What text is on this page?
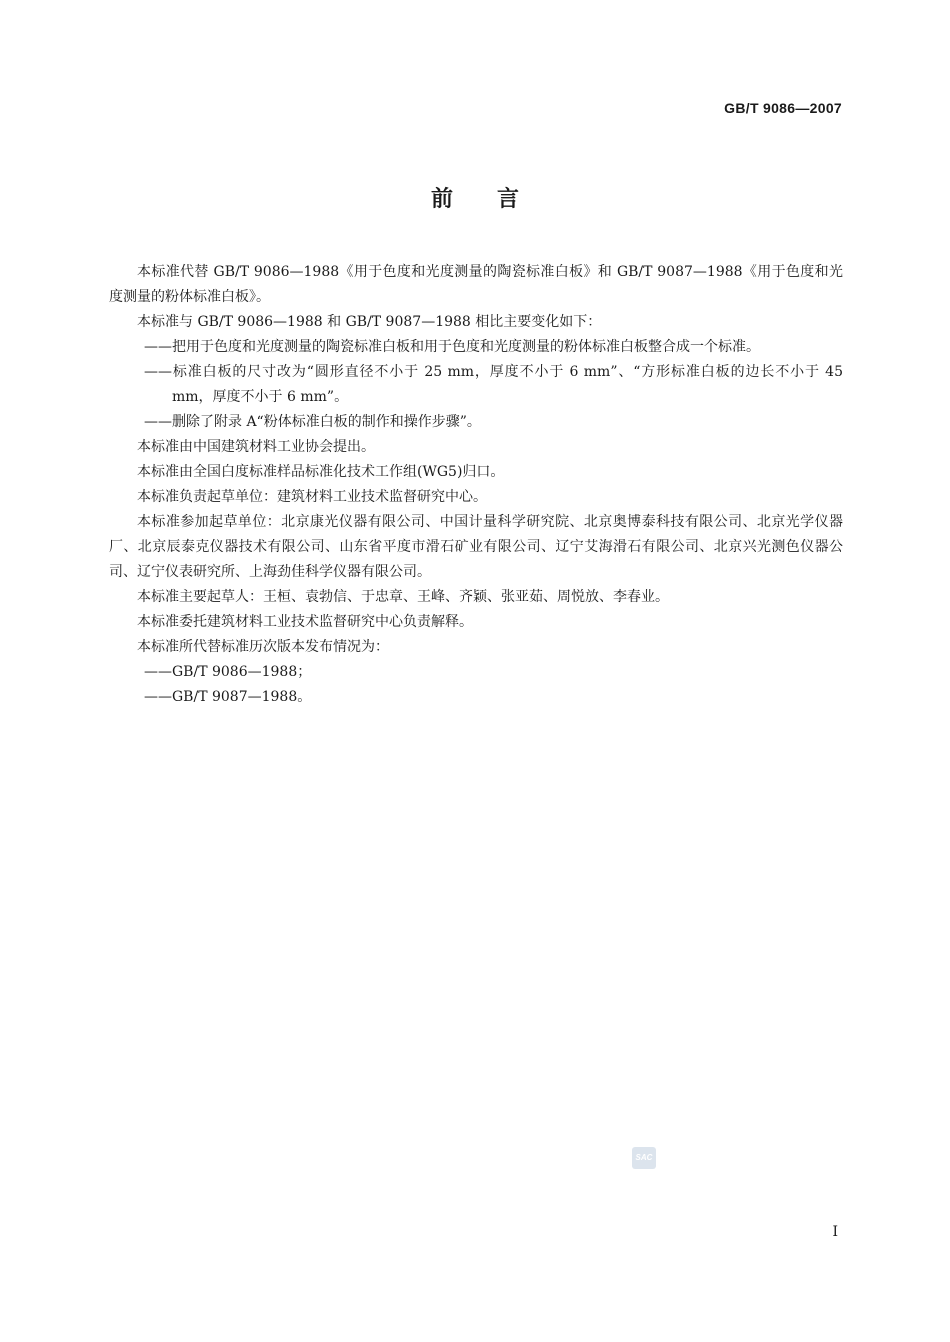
GB/T 9086—2007
前言

本标准代替 GB/T 9086—1988《用于色度和光度测量的陶瓷标准白板》和 GB/T 9087—1988《用于色度和光度测量的粉体标准白板》。

本标准与 GB/T 9086—1988 和 GB/T 9087—1988 相比主要变化如下：

——把用于色度和光度测量的陶瓷标准白板和用于色度和光度测量的粉体标准白板整合成一个标准。

——标准白板的尺寸改为“圆形直径不小于 25 mm，厚度不小于 6 mm”、“方形标准白板的边长不小于 45 mm，厚度不小于 6 mm”。

——删除了附录 A“粉体标准白板的制作和操作步骤”。

本标准由中国建筑材料工业协会提出。

本标准由全国白度标准样品标准化技术工作组(WG5)归口。

本标准负责起草单位：建筑材料工业技术监督研究中心。

本标准参加起草单位：北京康光仪器有限公司、中国计量科学研究院、北京奥博泰科技有限公司、北京光学仪器厂、北京辰泰克仪器技术有限公司、山东省平度市滑石矿业有限公司、辽宁艾海滑石有限公司、北京兴光测色仪器公司、辽宁仪表研究所、上海劲佳科学仪器有限公司。

本标准主要起草人：王桓、袁勃信、于忠章、王峰、齐颖、张亚茹、周悦放、李春业。

本标准委托建筑材料工业技术监督研究中心负责解释。

本标准所代替标准历次版本发布情况为：

——GB/T 9086—1988；

——GB/T 9087—1988。

SAC
I
